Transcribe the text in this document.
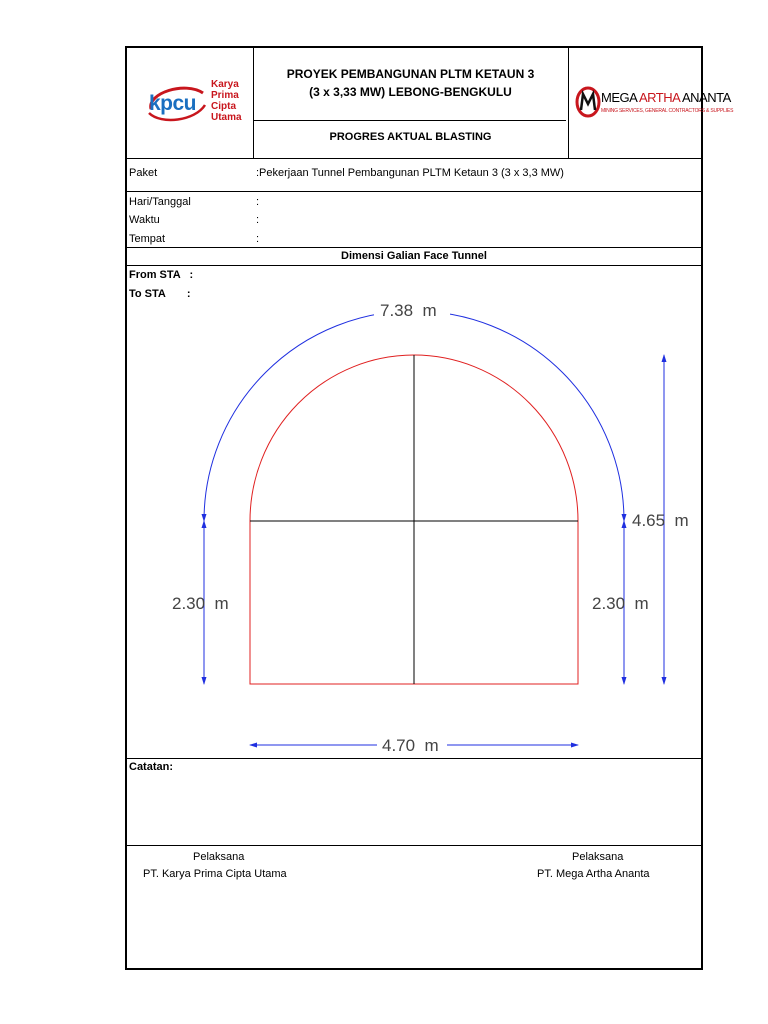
kpcu
Karya
Prima
Cipta
Utama
PROYEK PEMBANGUNAN PLTM KETAUN 3
(3 x 3,33 MW) LEBONG-BENGKULU
PROGRES AKTUAL BLASTING
MEGA ARTHA ANANTA
MINING SERVICES, GENERAL CONTRACTORS & SUPPLIES
Paket	:Pekerjaan Tunnel Pembangunan PLTM Ketaun 3 (3 x 3,3 MW)
Hari/Tanggal	:
Waktu	:
Tempat	:
Dimensi Galian Face Tunnel
From STA   :
To STA       :
Catatan:
Pelaksana
PT. Karya Prima Cipta Utama
Pelaksana
PT. Mega Artha Ananta
7.38  m
2.30  m	2.30  m
4.65  m
4.70  m
